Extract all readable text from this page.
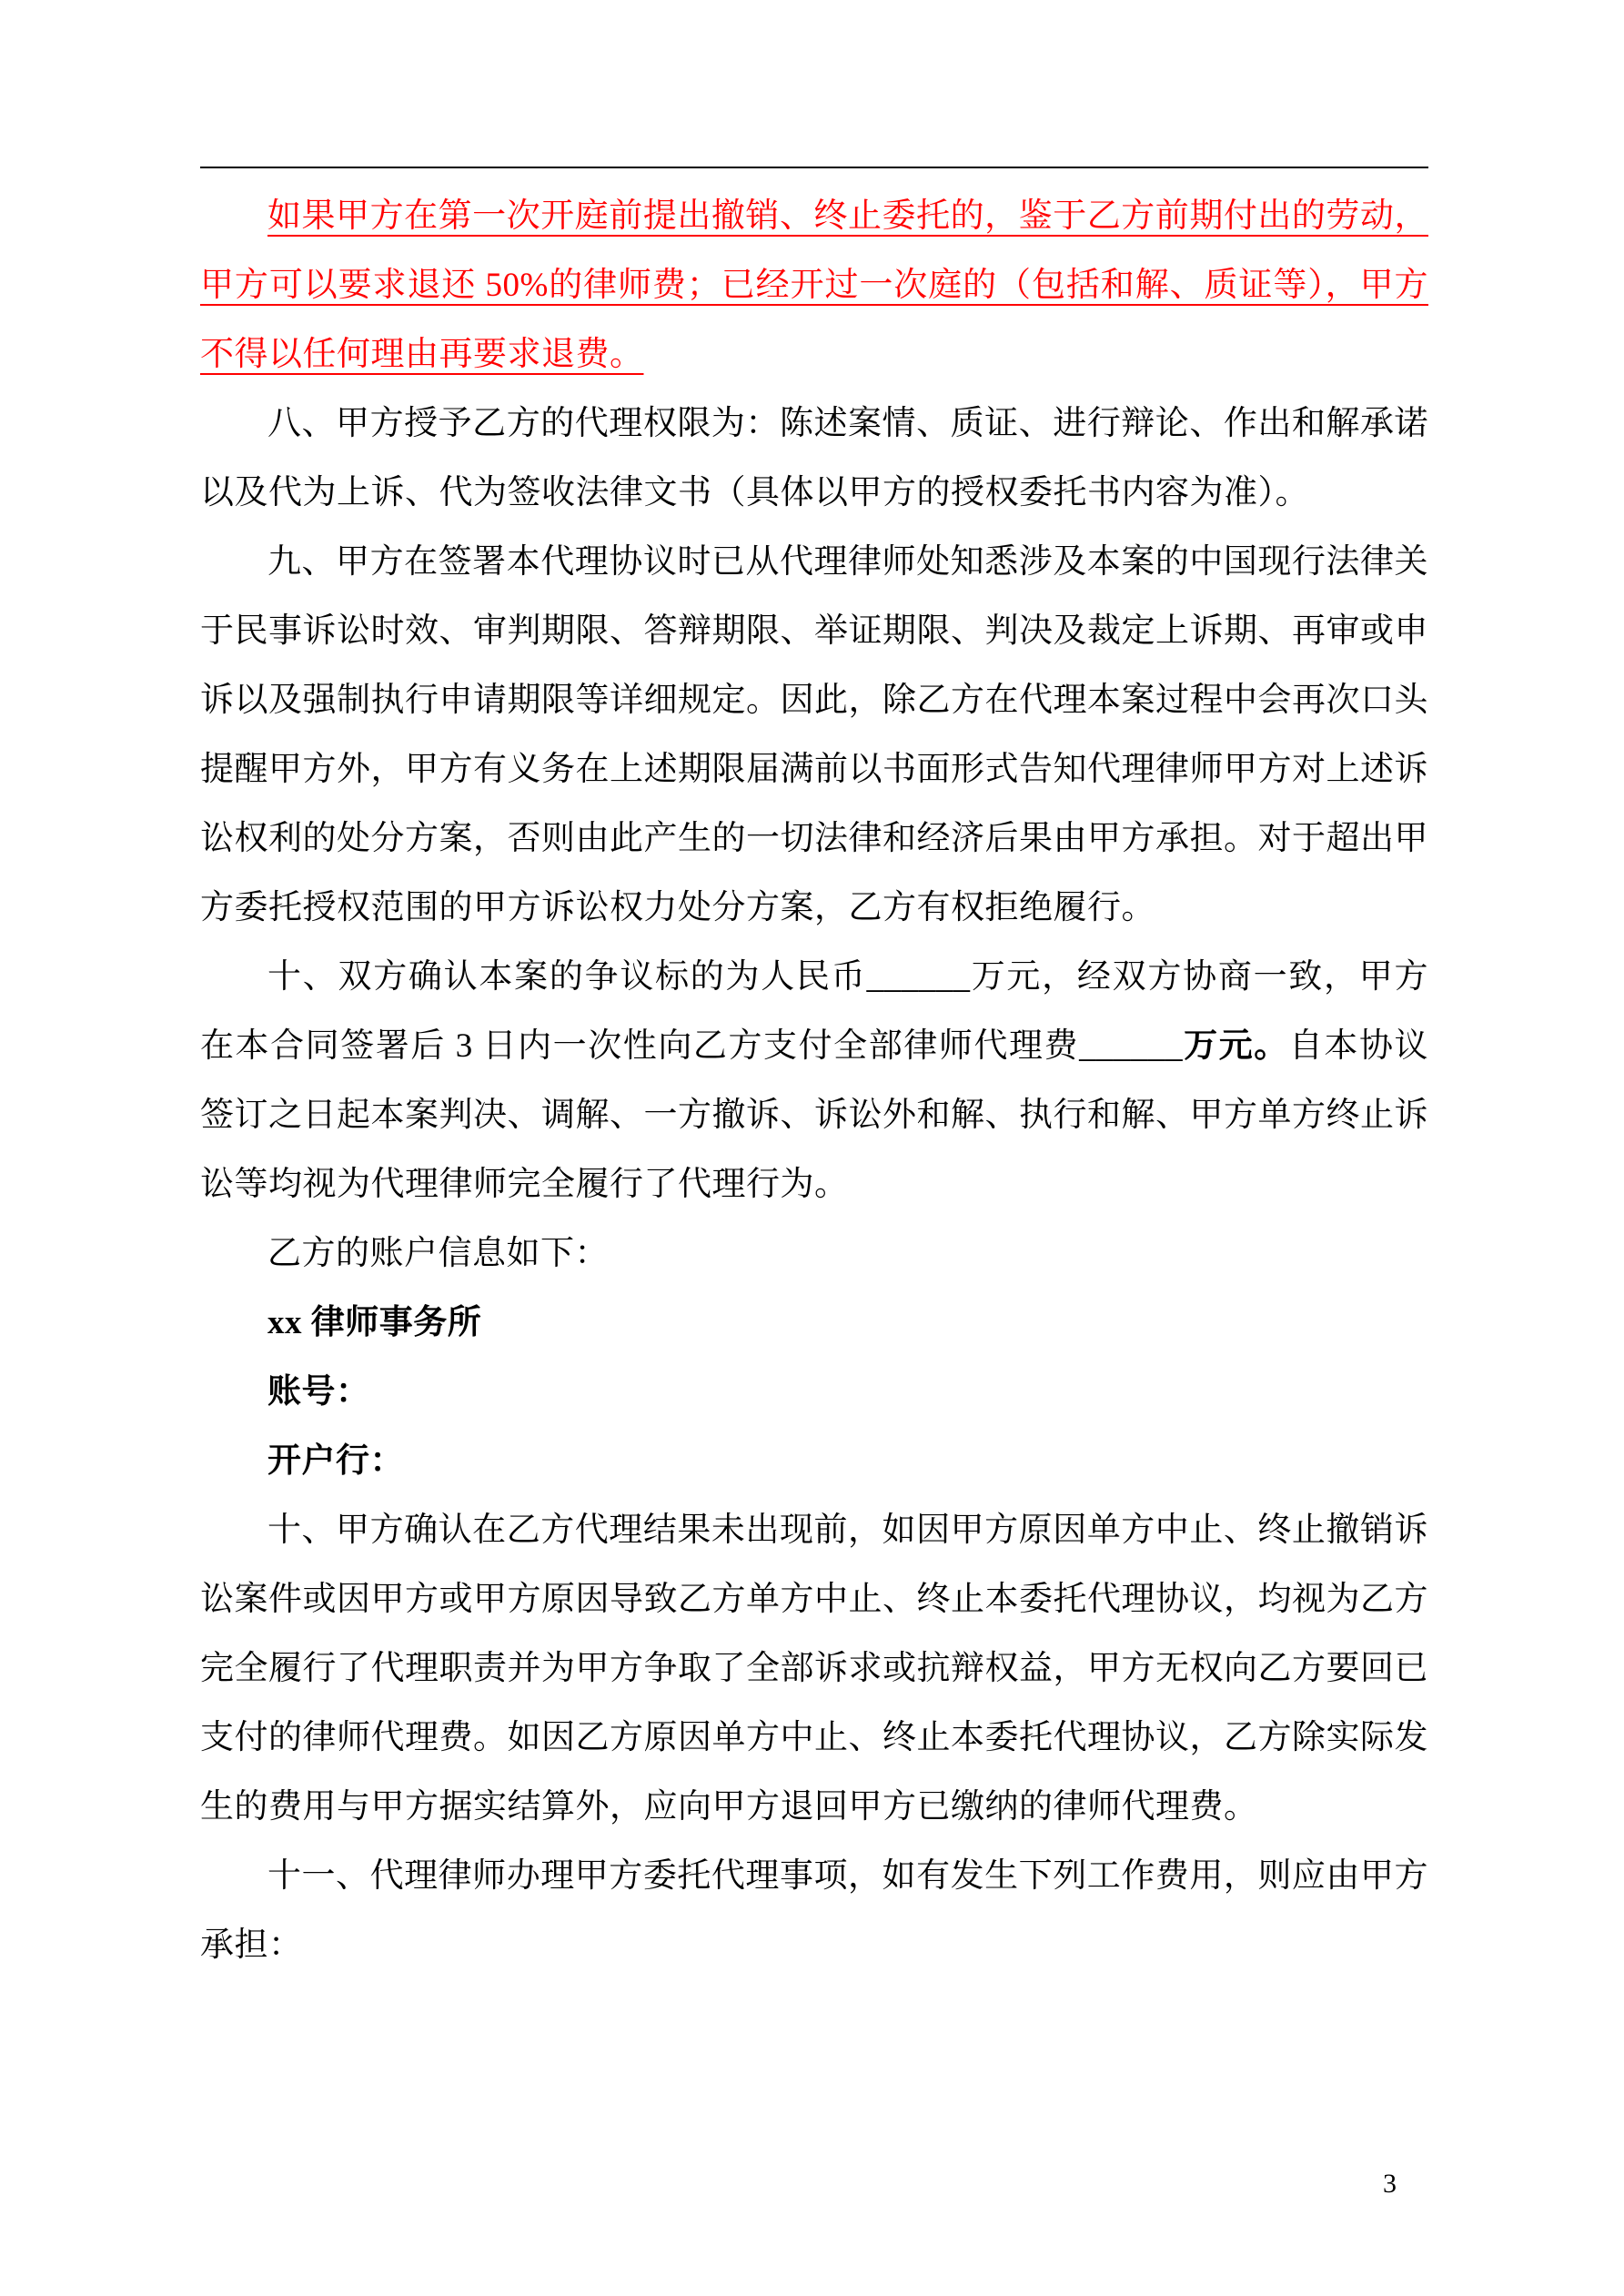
如果甲方在第一次开庭前提出撤销、终止委托的，鉴于乙方前期付出的劳动，甲方可以要求退还 50%的律师费；已经开过一次庭的（包括和解、质证等），甲方不得以任何理由再要求退费。

八、甲方授予乙方的代理权限为：陈述案情、质证、进行辩论、作出和解承诺以及代为上诉、代为签收法律文书（具体以甲方的授权委托书内容为准）。

九、甲方在签署本代理协议时已从代理律师处知悉涉及本案的中国现行法律关于民事诉讼时效、审判期限、答辩期限、举证期限、判决及裁定上诉期、再审或申诉以及强制执行申请期限等详细规定。因此，除乙方在代理本案过程中会再次口头提醒甲方外，甲方有义务在上述期限届满前以书面形式告知代理律师甲方对上述诉讼权利的处分方案，否则由此产生的一切法律和经济后果由甲方承担。对于超出甲方委托授权范围的甲方诉讼权力处分方案，乙方有权拒绝履行。

十、双方确认本案的争议标的为人民币______万元，经双方协商一致，甲方在本合同签署后 3 日内一次性向乙方支付全部律师代理费______万元。自本协议签订之日起本案判决、调解、一方撤诉、诉讼外和解、执行和解、甲方单方终止诉讼等均视为代理律师完全履行了代理行为。

乙方的账户信息如下：

xx 律师事务所

账号：

开户行：

十、甲方确认在乙方代理结果未出现前，如因甲方原因单方中止、终止撤销诉讼案件或因甲方或甲方原因导致乙方单方中止、终止本委托代理协议，均视为乙方完全履行了代理职责并为甲方争取了全部诉求或抗辩权益，甲方无权向乙方要回已支付的律师代理费。如因乙方原因单方中止、终止本委托代理协议，乙方除实际发生的费用与甲方据实结算外，应向甲方退回甲方已缴纳的律师代理费。

十一、代理律师办理甲方委托代理事项，如有发生下列工作费用，则应由甲方承担：

3
